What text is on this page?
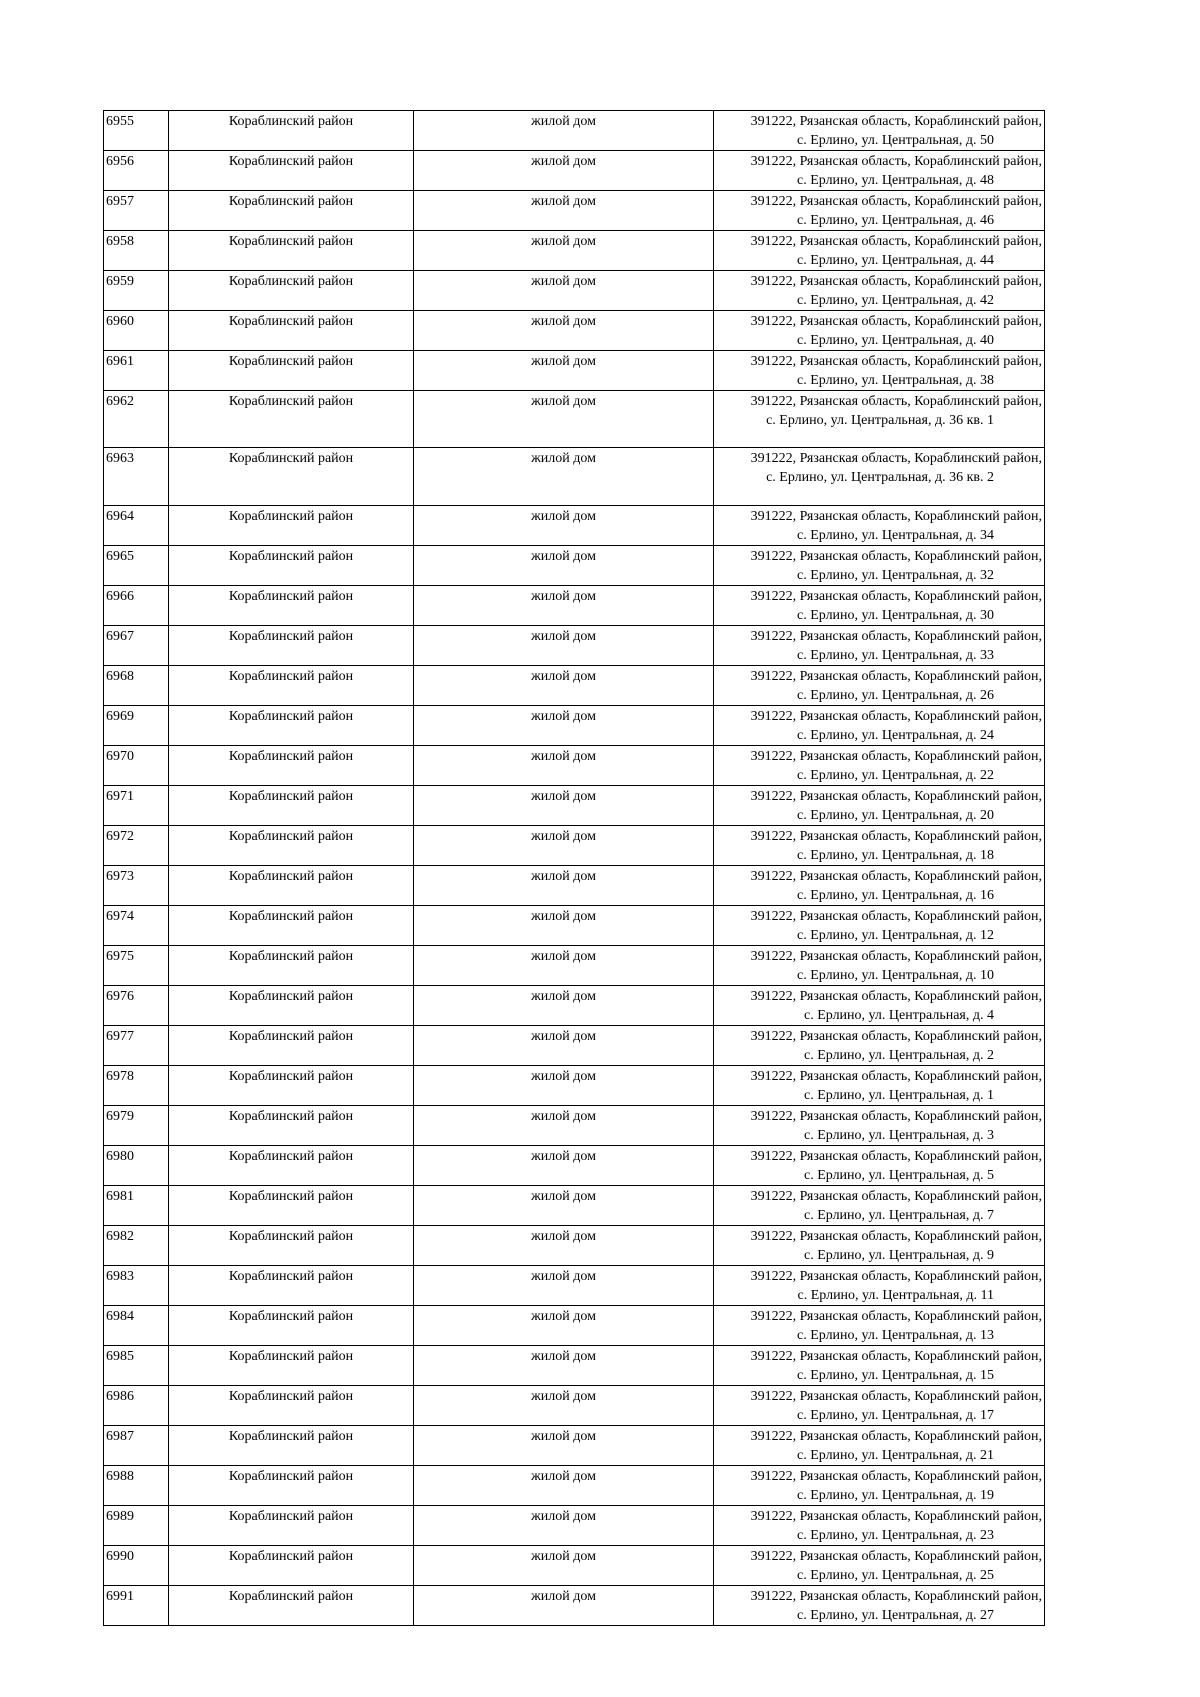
6955	Кораблинский район	жилой дом	391222, Рязанская область, Кораблинский район,
с. Ерлино, ул. Центральная, д. 50

6956	Кораблинский район	жилой дом	391222, Рязанская область, Кораблинский район,
с. Ерлино, ул. Центральная, д. 48

6957	Кораблинский район	жилой дом	391222, Рязанская область, Кораблинский район,
с. Ерлино, ул. Центральная, д. 46

6958	Кораблинский район	жилой дом	391222, Рязанская область, Кораблинский район,
с. Ерлино, ул. Центральная, д. 44

6959	Кораблинский район	жилой дом	391222, Рязанская область, Кораблинский район,
с. Ерлино, ул. Центральная, д. 42

6960	Кораблинский район	жилой дом	391222, Рязанская область, Кораблинский район,
с. Ерлино, ул. Центральная, д. 40

6961	Кораблинский район	жилой дом	391222, Рязанская область, Кораблинский район,
с. Ерлино, ул. Центральная, д. 38

6962	Кораблинский район	жилой дом	391222, Рязанская область, Кораблинский район,
с. Ерлино, ул. Центральная, д. 36 кв. 1

6963	Кораблинский район	жилой дом	391222, Рязанская область, Кораблинский район,
с. Ерлино, ул. Центральная, д. 36 кв. 2

6964	Кораблинский район	жилой дом	391222, Рязанская область, Кораблинский район,
с. Ерлино, ул. Центральная, д. 34

6965	Кораблинский район	жилой дом	391222, Рязанская область, Кораблинский район,
с. Ерлино, ул. Центральная, д. 32

6966	Кораблинский район	жилой дом	391222, Рязанская область, Кораблинский район,
с. Ерлино, ул. Центральная, д. 30

6967	Кораблинский район	жилой дом	391222, Рязанская область, Кораблинский район,
с. Ерлино, ул. Центральная, д. 33

6968	Кораблинский район	жилой дом	391222, Рязанская область, Кораблинский район,
с. Ерлино, ул. Центральная, д. 26

6969	Кораблинский район	жилой дом	391222, Рязанская область, Кораблинский район,
с. Ерлино, ул. Центральная, д. 24

6970	Кораблинский район	жилой дом	391222, Рязанская область, Кораблинский район,
с. Ерлино, ул. Центральная, д. 22

6971	Кораблинский район	жилой дом	391222, Рязанская область, Кораблинский район,
с. Ерлино, ул. Центральная, д. 20

6972	Кораблинский район	жилой дом	391222, Рязанская область, Кораблинский район,
с. Ерлино, ул. Центральная, д. 18

6973	Кораблинский район	жилой дом	391222, Рязанская область, Кораблинский район,
с. Ерлино, ул. Центральная, д. 16

6974	Кораблинский район	жилой дом	391222, Рязанская область, Кораблинский район,
с. Ерлино, ул. Центральная, д. 12

6975	Кораблинский район	жилой дом	391222, Рязанская область, Кораблинский район,
с. Ерлино, ул. Центральная, д. 10

6976	Кораблинский район	жилой дом	391222, Рязанская область, Кораблинский район,
с. Ерлино, ул. Центральная, д. 4

6977	Кораблинский район	жилой дом	391222, Рязанская область, Кораблинский район,
с. Ерлино, ул. Центральная, д. 2

6978	Кораблинский район	жилой дом	391222, Рязанская область, Кораблинский район,
с. Ерлино, ул. Центральная, д. 1

6979	Кораблинский район	жилой дом	391222, Рязанская область, Кораблинский район,
с. Ерлино, ул. Центральная, д. 3

6980	Кораблинский район	жилой дом	391222, Рязанская область, Кораблинский район,
с. Ерлино, ул. Центральная, д. 5

6981	Кораблинский район	жилой дом	391222, Рязанская область, Кораблинский район,
с. Ерлино, ул. Центральная, д. 7

6982	Кораблинский район	жилой дом	391222, Рязанская область, Кораблинский район,
с. Ерлино, ул. Центральная, д. 9

6983	Кораблинский район	жилой дом	391222, Рязанская область, Кораблинский район,
с. Ерлино, ул. Центральная, д. 11

6984	Кораблинский район	жилой дом	391222, Рязанская область, Кораблинский район,
с. Ерлино, ул. Центральная, д. 13

6985	Кораблинский район	жилой дом	391222, Рязанская область, Кораблинский район,
с. Ерлино, ул. Центральная, д. 15

6986	Кораблинский район	жилой дом	391222, Рязанская область, Кораблинский район,
с. Ерлино, ул. Центральная, д. 17

6987	Кораблинский район	жилой дом	391222, Рязанская область, Кораблинский район,
с. Ерлино, ул. Центральная, д. 21

6988	Кораблинский район	жилой дом	391222, Рязанская область, Кораблинский район,
с. Ерлино, ул. Центральная, д. 19

6989	Кораблинский район	жилой дом	391222, Рязанская область, Кораблинский район,
с. Ерлино, ул. Центральная, д. 23

6990	Кораблинский район	жилой дом	391222, Рязанская область, Кораблинский район,
с. Ерлино, ул. Центральная, д. 25

6991	Кораблинский район	жилой дом	391222, Рязанская область, Кораблинский район,
с. Ерлино, ул. Центральная, д. 27
